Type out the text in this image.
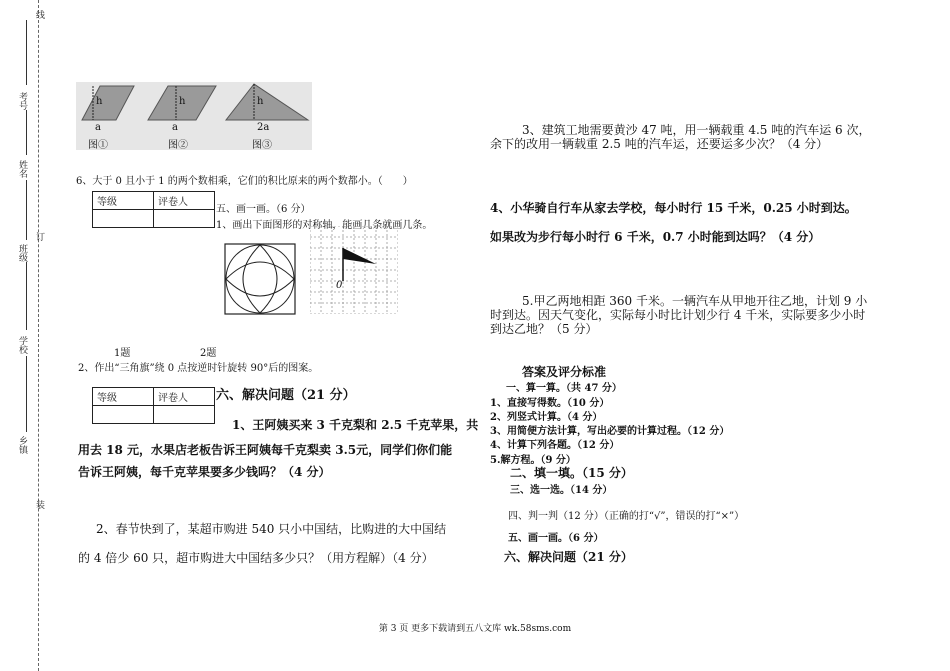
线
考号
姓名
订
班级
学校
乡镇
装
h	h	h
a	a	2a
图①	图②	图③
6、大于 0 且小于 1 的两个数相乘，它们的积比原来的两个数都小。（　　）
等级	评卷人

五、画一画。（6 分）
1、画出下面图形的对称轴，能画几条就画几条。
0
1题	2题
2、作出“三角旗”绕 0 点按逆时针旋转 90°后的图案。
等级	评卷人
	六、解决问题（21 分）
1、王阿姨买来 3 千克梨和 2.5 千克苹果，共
用去 18 元，水果店老板告诉王阿姨每千克梨卖 3.5元，同学们你们能
告诉王阿姨，每千克苹果要多少钱吗？（4 分）
2、春节快到了，某超市购进 540 只小中国结，比购进的大中国结
的 4 倍少 60 只，超市购进大中国结多少只？（用方程解）（4 分）
3、建筑工地需要黄沙 47 吨，用一辆载重 4.5 吨的汽车运 6 次，
余下的改用一辆载重 2.5 吨的汽车运，还要运多少次？（4 分）
4、小华骑自行车从家去学校，每小时行 15 千米，0.25 小时到达。
如果改为步行每小时行 6 千米，0.7 小时能到达吗？（4 分）
5.甲乙两地相距 360 千米。一辆汽车从甲地开往乙地，计划 9 小
时到达。因天气变化，实际每小时比计划少行 4 千米，实际要多少小时
到达乙地？（5 分）
答案及评分标准
一、算一算。（共 47 分）
1、直接写得数。（10 分）
2、列竖式计算。（4 分）
3、用简便方法计算，写出必要的计算过程。（12 分）
4、计算下列各题。（12 分）
5.解方程。（9 分）
二、填一填。（15 分）
三、选一选。（14 分）
四、判一判（12 分）（正确的打“√”，错误的打“×”）
五、画一画。（6 分）
六、解决问题（21 分）
第 3 页 更多下载请到五八文库 wk.58sms.com
